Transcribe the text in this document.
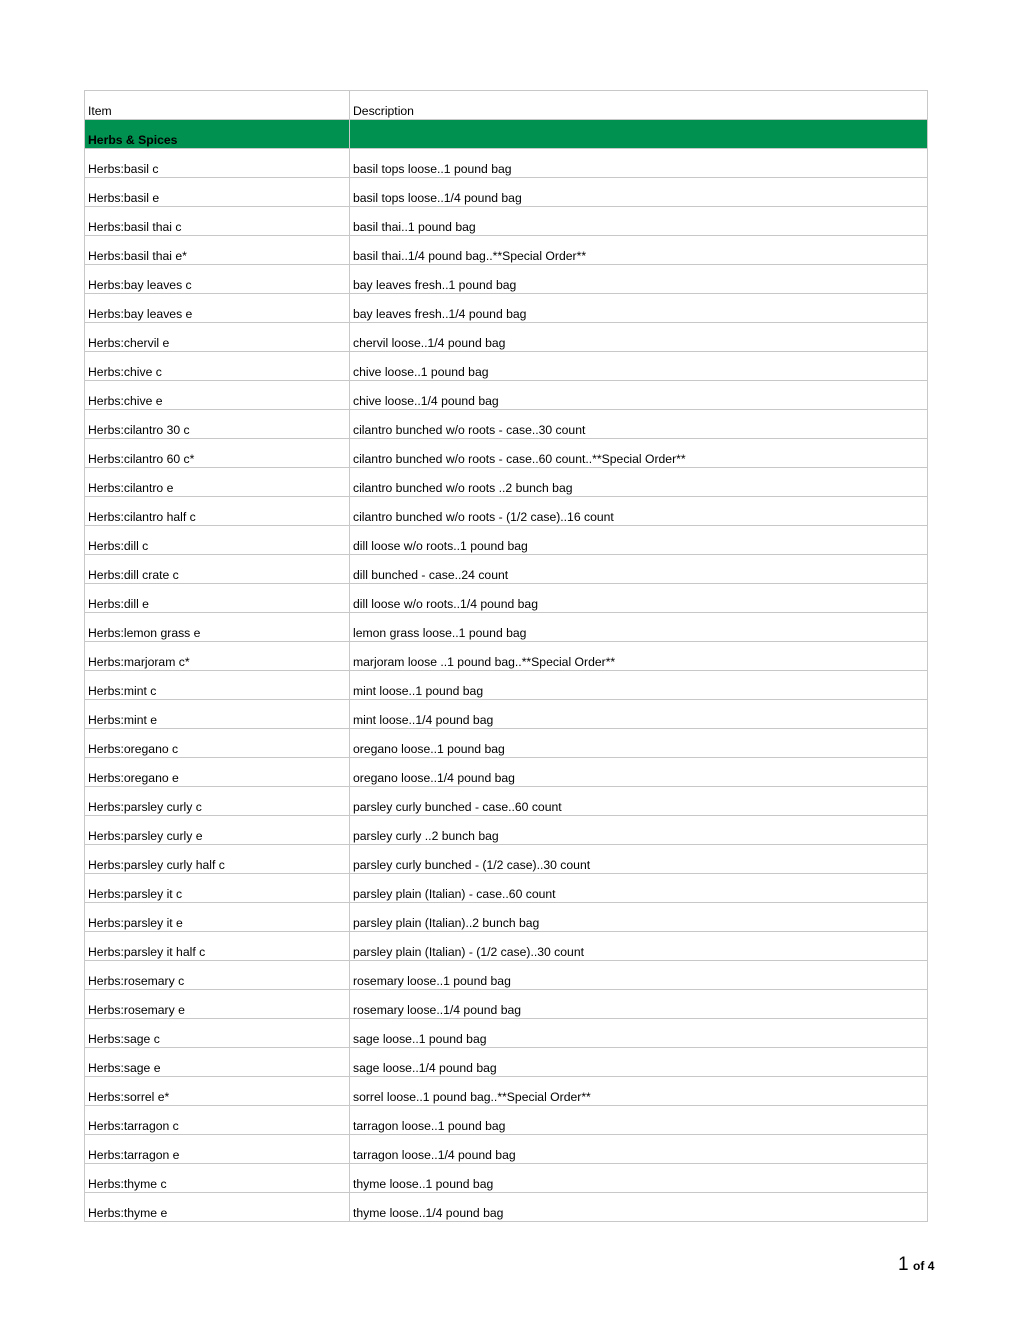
Item	Description
Herbs & Spices	
Herbs:basil c	basil tops loose..1 pound bag
Herbs:basil e	basil tops loose..1/4 pound bag
Herbs:basil thai c	basil thai..1 pound bag
Herbs:basil thai e*	basil thai..1/4 pound bag..**Special Order**
Herbs:bay leaves c	bay leaves fresh..1 pound bag
Herbs:bay leaves e	bay leaves fresh..1/4 pound bag
Herbs:chervil e	chervil loose..1/4 pound bag
Herbs:chive c	chive loose..1 pound bag
Herbs:chive e	chive loose..1/4 pound bag
Herbs:cilantro 30 c	cilantro bunched w/o roots - case..30 count
Herbs:cilantro 60 c*	cilantro bunched w/o roots - case..60 count..**Special Order**
Herbs:cilantro e	cilantro bunched w/o roots ..2 bunch bag
Herbs:cilantro half c	cilantro bunched w/o roots - (1/2 case)..16 count
Herbs:dill c	dill loose w/o roots..1 pound bag
Herbs:dill crate c	dill bunched - case..24 count
Herbs:dill e	dill loose w/o roots..1/4 pound bag
Herbs:lemon grass e	lemon grass loose..1 pound bag
Herbs:marjoram c*	marjoram loose ..1 pound bag..**Special Order**
Herbs:mint c	mint loose..1 pound bag
Herbs:mint e	mint loose..1/4 pound bag
Herbs:oregano c	oregano loose..1 pound bag
Herbs:oregano e	oregano loose..1/4 pound bag
Herbs:parsley curly c	parsley curly bunched - case..60 count
Herbs:parsley curly e	parsley curly ..2 bunch bag
Herbs:parsley curly half c	parsley curly bunched - (1/2 case)..30 count
Herbs:parsley it c	parsley plain (Italian) - case..60 count
Herbs:parsley it e	parsley plain (Italian)..2 bunch bag
Herbs:parsley it half c	parsley plain (Italian) - (1/2 case)..30 count
Herbs:rosemary c	rosemary loose..1 pound bag
Herbs:rosemary e	rosemary loose..1/4 pound bag
Herbs:sage c	sage loose..1 pound bag
Herbs:sage e	sage loose..1/4 pound bag
Herbs:sorrel e*	sorrel loose..1 pound bag..**Special Order**
Herbs:tarragon c	tarragon loose..1 pound bag
Herbs:tarragon e	tarragon loose..1/4 pound bag
Herbs:thyme c	thyme loose..1 pound bag
Herbs:thyme e	thyme loose..1/4 pound bag
1 of 4
